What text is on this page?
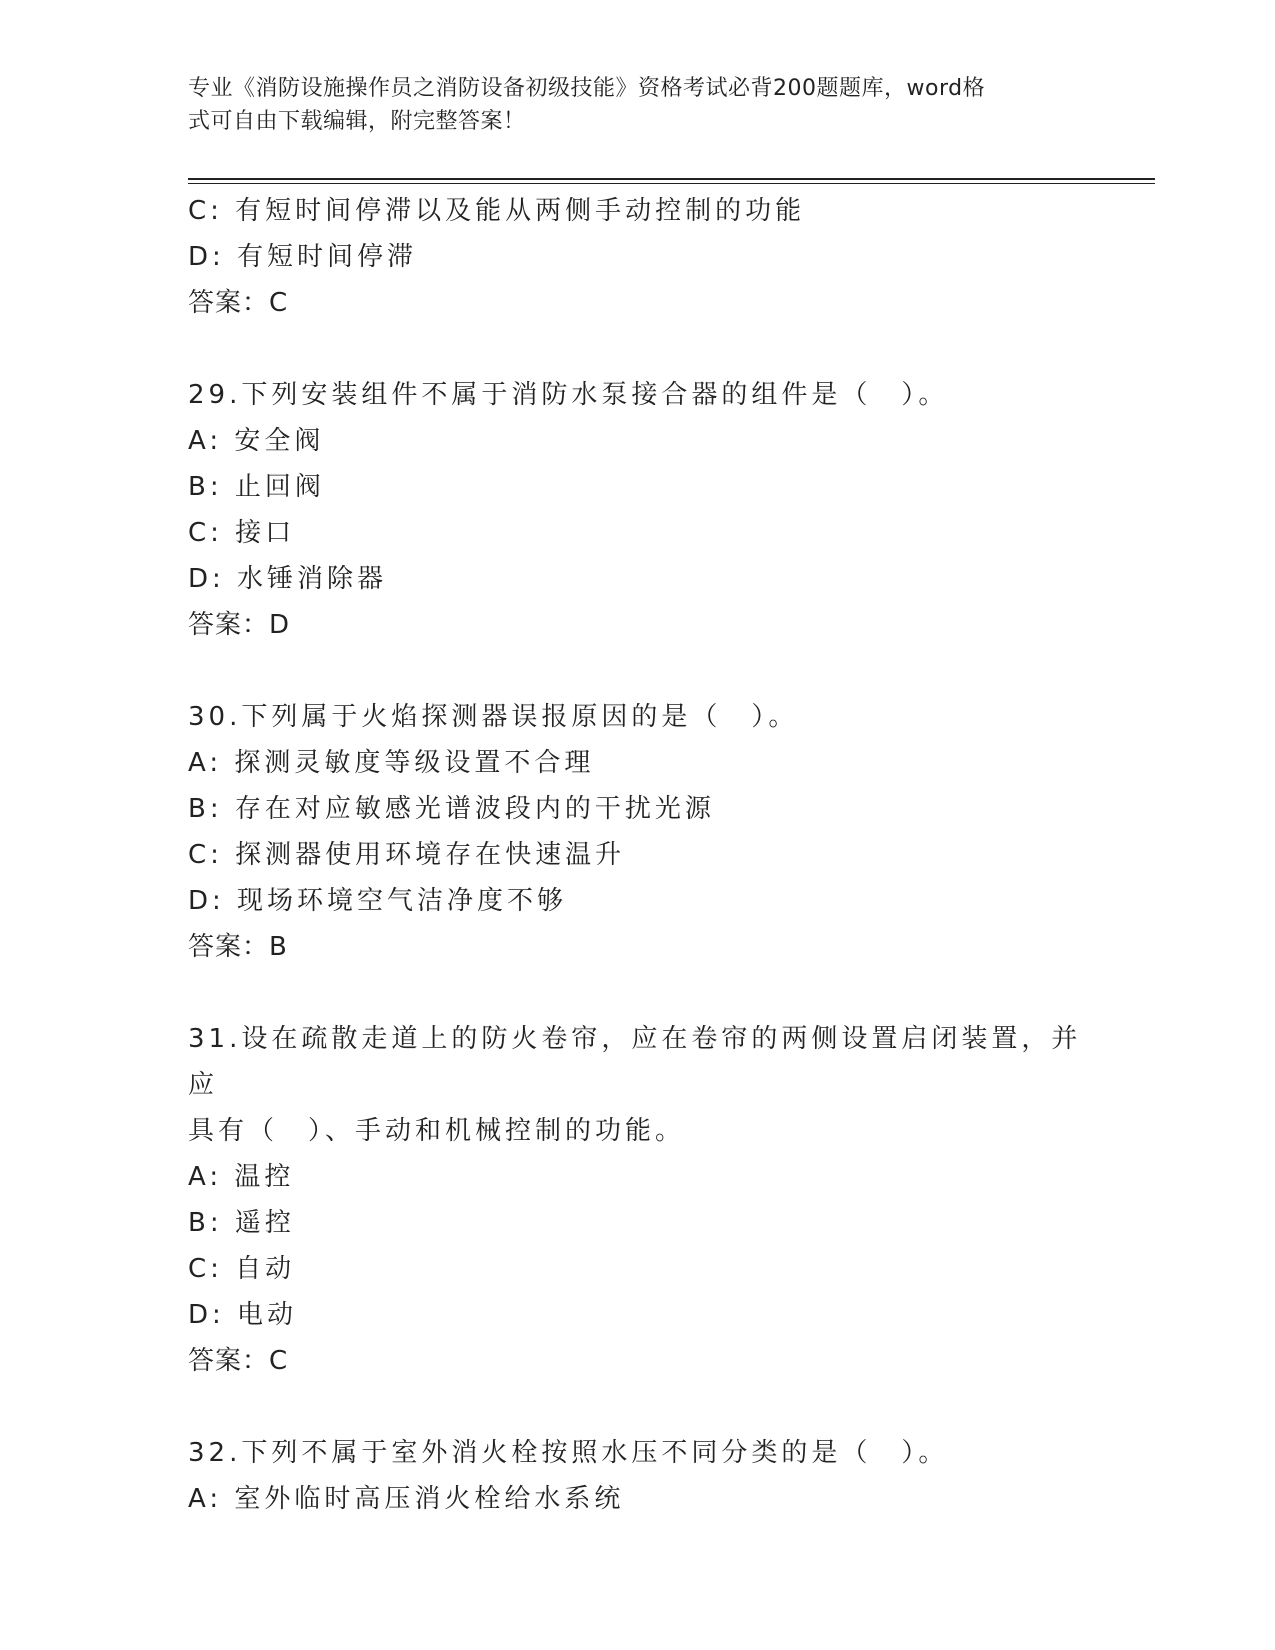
专业《消防设施操作员之消防设备初级技能》资格考试必背200题题库，word格
式可自由下载编辑，附完整答案！
C: 有短时间停滞以及能从两侧手动控制的功能
D: 有短时间停滞
答案：C
29.下列安装组件不属于消防水泵接合器的组件是（　）。
A: 安全阀
B: 止回阀
C: 接口
D: 水锤消除器
答案：D
30.下列属于火焰探测器误报原因的是（　）。
A: 探测灵敏度等级设置不合理
B: 存在对应敏感光谱波段内的干扰光源
C: 探测器使用环境存在快速温升
D: 现场环境空气洁净度不够
答案：B
31.设在疏散走道上的防火卷帘，应在卷帘的两侧设置启闭装置，并应
具有（　）、手动和机械控制的功能。
A: 温控
B: 遥控
C: 自动
D: 电动
答案：C
32.下列不属于室外消火栓按照水压不同分类的是（　）。
A: 室外临时高压消火栓给水系统
